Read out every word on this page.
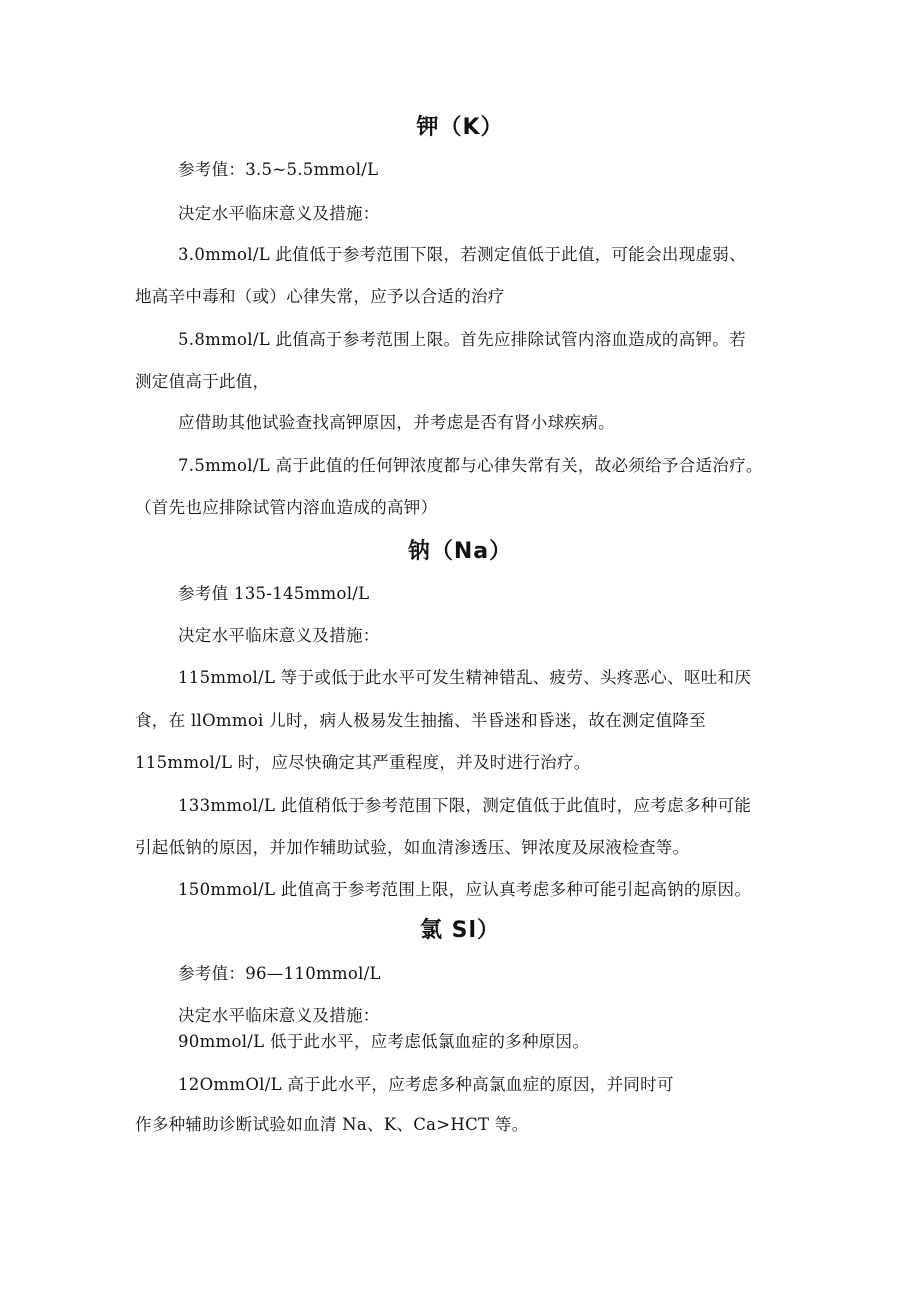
钾（K）
参考值：3.5~5.5mmol/L
决定水平临床意义及措施：
3.0mmol/L 此值低于参考范围下限，若测定值低于此值，可能会出现虚弱、
地高辛中毒和（或）心律失常，应予以合适的治疗
5.8mmol/L 此值高于参考范围上限。首先应排除试管内溶血造成的高钾。若
测定值高于此值，
应借助其他试验查找高钾原因，并考虑是否有肾小球疾病。
7.5mmol/L 高于此值的任何钾浓度都与心律失常有关，故必须给予合适治疗。
（首先也应排除试管内溶血造成的高钾）
钠（Na）
参考值 135-145mmol/L
决定水平临床意义及措施：
115mmol/L 等于或低于此水平可发生精神错乱、疲劳、头疼恶心、呕吐和厌
食，在 llOmmoi 儿时，病人极易发生抽搐、半昏迷和昏迷，故在测定值降至
115mmol/L 时，应尽快确定其严重程度，并及时进行治疗。
133mmol/L 此值稍低于参考范围下限，测定值低于此值时，应考虑多种可能
引起低钠的原因，并加作辅助试验，如血清渗透压、钾浓度及尿液检查等。
150mmol/L 此值高于参考范围上限，应认真考虑多种可能引起高钠的原因。
氯 Sl）
参考值：96—110mmol/L
决定水平临床意义及措施：
90mmol/L 低于此水平，应考虑低氯血症的多种原因。
12OmmOl/L 高于此水平，应考虑多种高氯血症的原因，并同时可
作多种辅助诊断试验如血清 Na、K、Ca>HCT 等。
